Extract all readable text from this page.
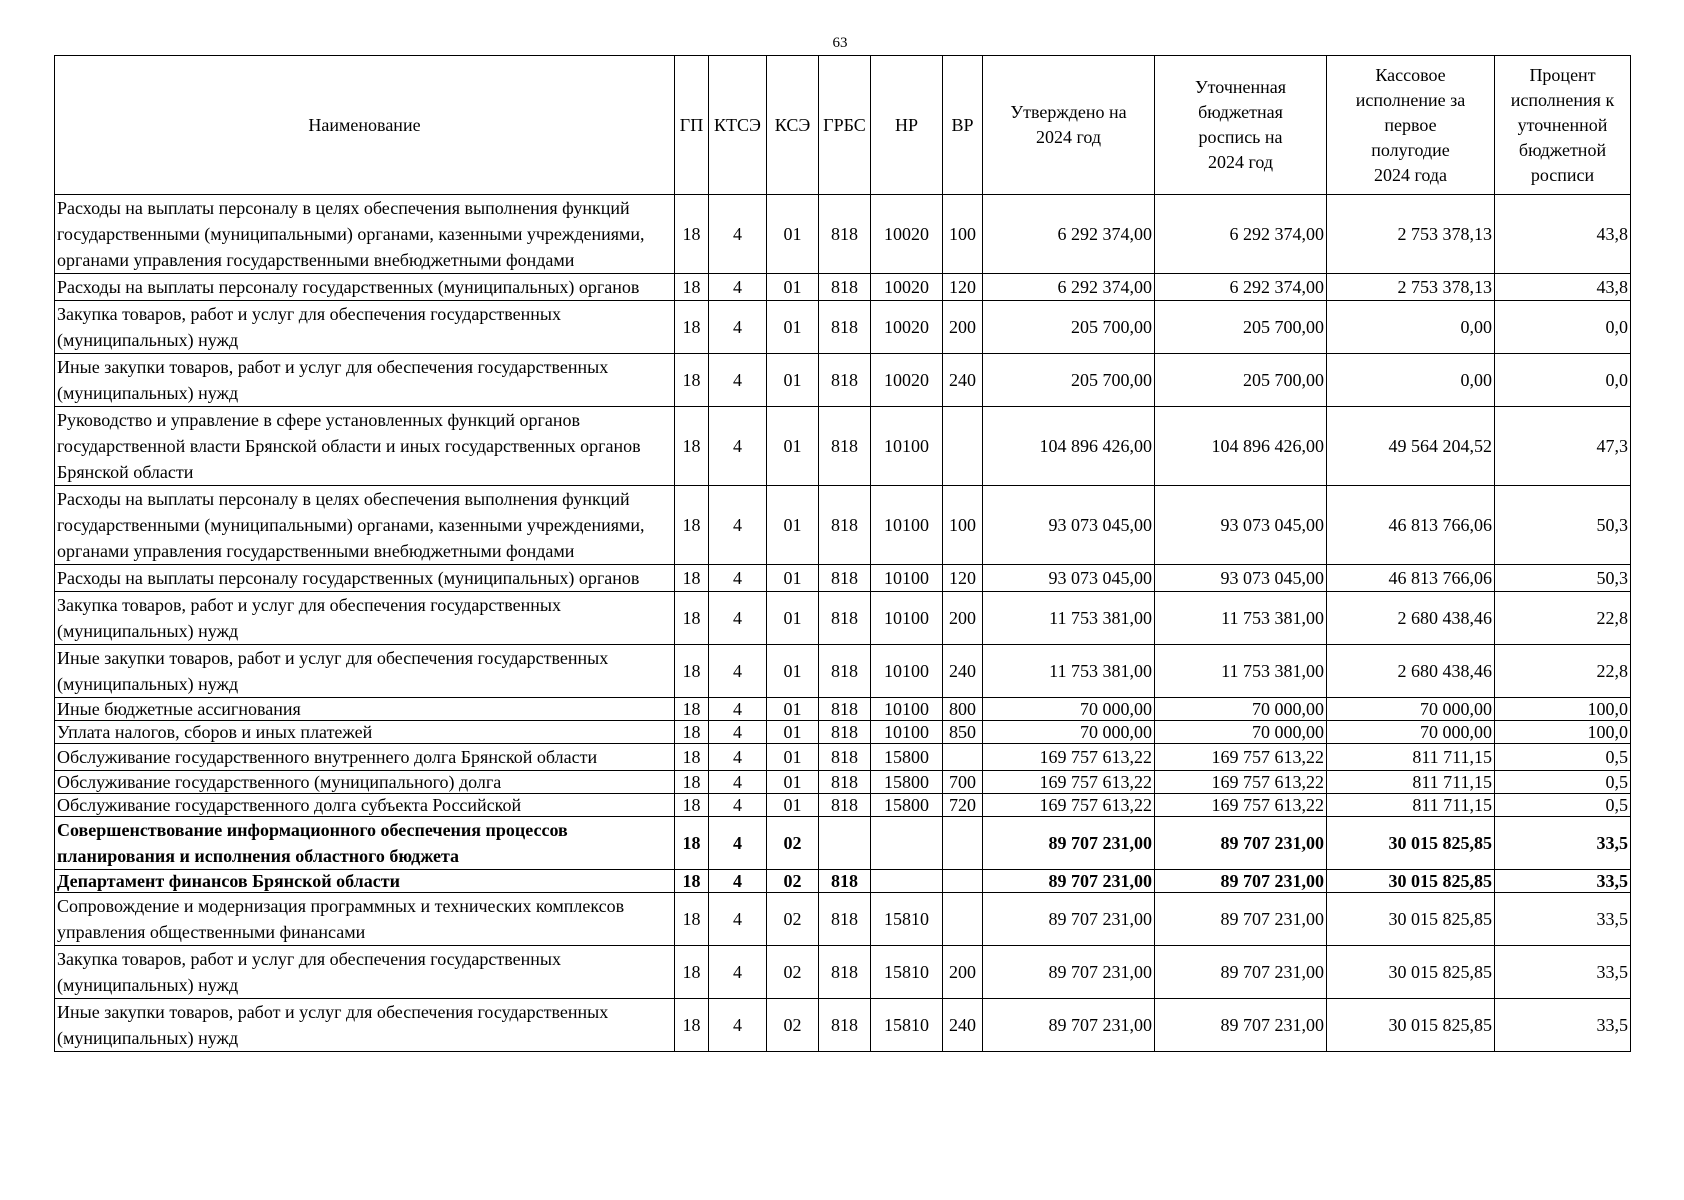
63
Наименование	ГП	КТСЭ	КСЭ	ГРБС	НР	ВР	Утверждено на 2024 год	Уточненная бюджетная роспись на 2024 год	Кассовое исполнение за первое полугодие 2024 года	Процент исполнения к уточненной бюджетной росписи
Расходы на выплаты персоналу в целях обеспечения выполнения функций государственными (муниципальными) органами, казенными учреждениями, органами управления государственными внебюджетными фондами	18	4	01	818	10020	100	6 292 374,00	6 292 374,00	2 753 378,13	43,8
Расходы на выплаты персоналу государственных (муниципальных) органов	18	4	01	818	10020	120	6 292 374,00	6 292 374,00	2 753 378,13	43,8
Закупка товаров, работ и услуг для обеспечения государственных (муниципальных) нужд	18	4	01	818	10020	200	205 700,00	205 700,00	0,00	0,0
Иные закупки товаров, работ и услуг для обеспечения государственных (муниципальных) нужд	18	4	01	818	10020	240	205 700,00	205 700,00	0,00	0,0
Руководство и управление в сфере установленных функций органов государственной власти Брянской области и иных государственных органов Брянской области	18	4	01	818	10100		104 896 426,00	104 896 426,00	49 564 204,52	47,3
Расходы на выплаты персоналу в целях обеспечения выполнения функций государственными (муниципальными) органами, казенными учреждениями, органами управления государственными внебюджетными фондами	18	4	01	818	10100	100	93 073 045,00	93 073 045,00	46 813 766,06	50,3
Расходы на выплаты персоналу государственных (муниципальных) органов	18	4	01	818	10100	120	93 073 045,00	93 073 045,00	46 813 766,06	50,3
Закупка товаров, работ и услуг для обеспечения государственных (муниципальных) нужд	18	4	01	818	10100	200	11 753 381,00	11 753 381,00	2 680 438,46	22,8
Иные закупки товаров, работ и услуг для обеспечения государственных (муниципальных) нужд	18	4	01	818	10100	240	11 753 381,00	11 753 381,00	2 680 438,46	22,8
Иные бюджетные ассигнования	18	4	01	818	10100	800	70 000,00	70 000,00	70 000,00	100,0
Уплата налогов, сборов и иных платежей	18	4	01	818	10100	850	70 000,00	70 000,00	70 000,00	100,0
Обслуживание государственного внутреннего долга Брянской области	18	4	01	818	15800		169 757 613,22	169 757 613,22	811 711,15	0,5
Обслуживание государственного (муниципального) долга	18	4	01	818	15800	700	169 757 613,22	169 757 613,22	811 711,15	0,5
Обслуживание государственного долга субъекта Российской	18	4	01	818	15800	720	169 757 613,22	169 757 613,22	811 711,15	0,5
Совершенствование информационного обеспечения процессов планирования и исполнения областного бюджета	18	4	02				89 707 231,00	89 707 231,00	30 015 825,85	33,5
Департамент финансов Брянской области	18	4	02	818			89 707 231,00	89 707 231,00	30 015 825,85	33,5
Сопровождение и модернизация программных и технических комплексов управления общественными финансами	18	4	02	818	15810		89 707 231,00	89 707 231,00	30 015 825,85	33,5
Закупка товаров, работ и услуг для обеспечения государственных (муниципальных) нужд	18	4	02	818	15810	200	89 707 231,00	89 707 231,00	30 015 825,85	33,5
Иные закупки товаров, работ и услуг для обеспечения государственных (муниципальных) нужд	18	4	02	818	15810	240	89 707 231,00	89 707 231,00	30 015 825,85	33,5
